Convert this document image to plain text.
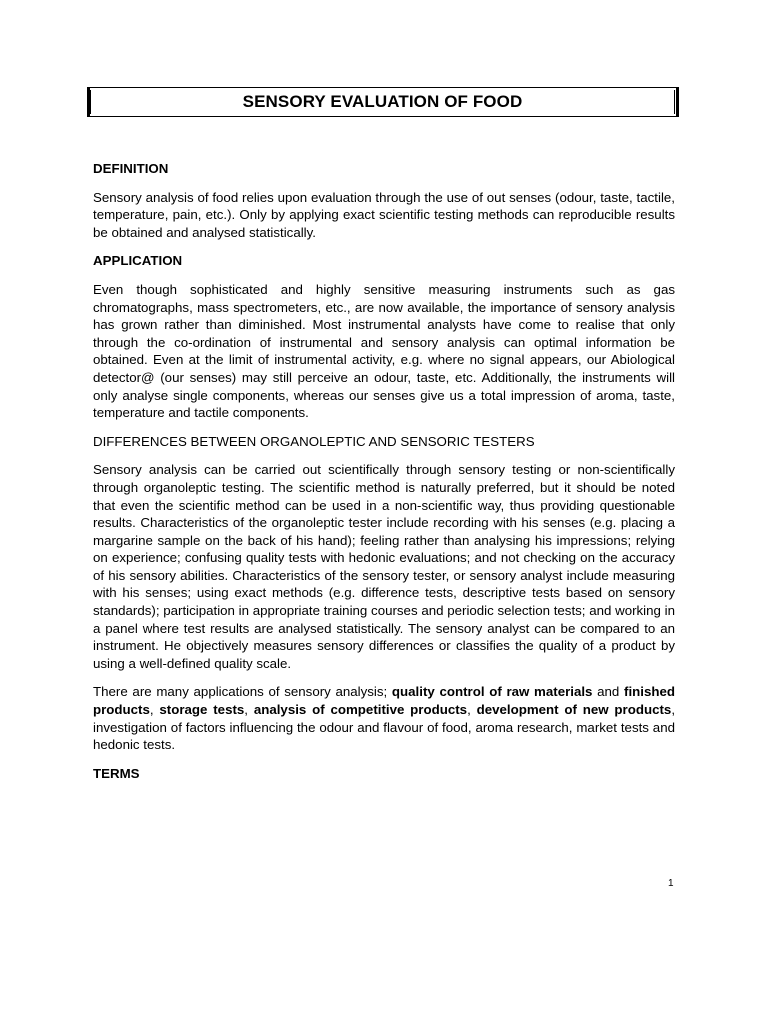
SENSORY EVALUATION OF FOOD
DEFINITION

Sensory analysis of food relies upon evaluation through the use of out senses (odour, taste, tactile, temperature, pain, etc.). Only by applying exact scientific testing methods can reproducible results be obtained and analysed statistically.

APPLICATION

Even though sophisticated and highly sensitive measuring instruments such as gas chromatographs, mass spectrometers, etc., are now available, the importance of sensory analysis has grown rather than diminished. Most instrumental analysts have come to realise that only through the co-ordination of instrumental and sensory analysis can optimal information be obtained. Even at the limit of instrumental activity, e.g. where no signal appears, our Abiological detector@ (our senses) may still perceive an odour, taste, etc. Additionally, the instruments will only analyse single components, whereas our senses give us a total impression of aroma, taste, temperature and tactile components.

DIFFERENCES BETWEEN ORGANOLEPTIC AND SENSORIC TESTERS

Sensory analysis can be carried out scientifically through sensory testing or non-scientifically through organoleptic testing. The scientific method is naturally preferred, but it should be noted that even the scientific method can be used in a non-scientific way, thus providing questionable results. Characteristics of the organoleptic tester include recording with his senses (e.g. placing a margarine sample on the back of his hand); feeling rather than analysing his impressions; relying on experience; confusing quality tests with hedonic evaluations; and not checking on the accuracy of his sensory abilities. Characteristics of the sensory tester, or sensory analyst include measuring with his senses; using exact methods (e.g. difference tests, descriptive tests based on sensory standards); participation in appropriate training courses and periodic selection tests; and working in a panel where test results are analysed statistically. The sensory analyst can be compared to an instrument. He objectively measures sensory differences or classifies the quality of a product by using a well-defined quality scale.

There are many applications of sensory analysis; quality control of raw materials and finished products, storage tests, analysis of competitive products, development of new products, investigation of factors influencing the odour and flavour of food, aroma research, market tests and hedonic tests.

TERMS
1
